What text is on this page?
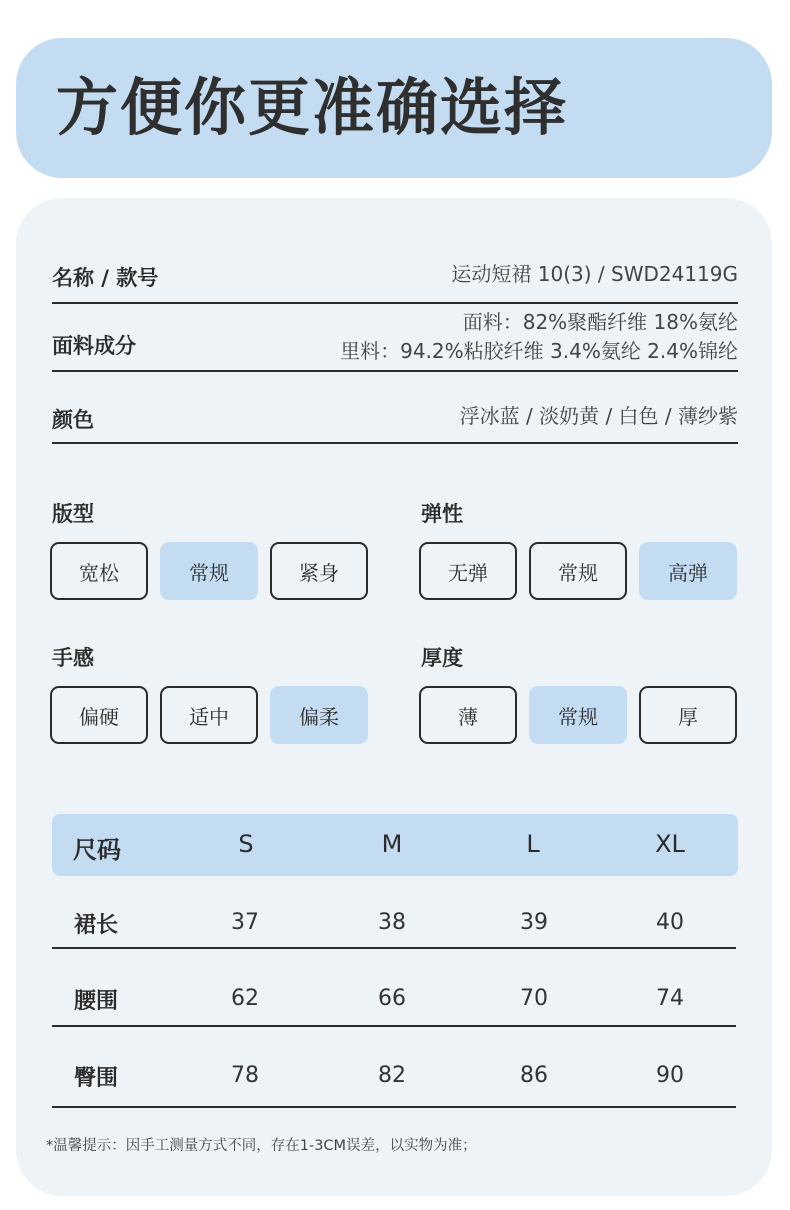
方便你更准确选择
名称 / 款号	运动短裙 10(3) / SWD24119G
面料成分
面料：82%聚酯纤维 18%氨纶
里料：94.2%粘胶纤维 3.4%氨纶 2.4%锦纶
颜色	浮冰蓝 / 淡奶黄 / 白色 / 薄纱紫
版型
宽松	常规	紧身
弹性
无弹	常规	高弹
手感
偏硬	适中	偏柔
厚度
薄	常规	厚
尺码	S	M	L	XL
裙长	37	38	39	40
腰围	62	66	70	74
臀围	78	82	86	90
*温馨提示：因手工测量方式不同，存在1-3CM误差，以实物为准；
